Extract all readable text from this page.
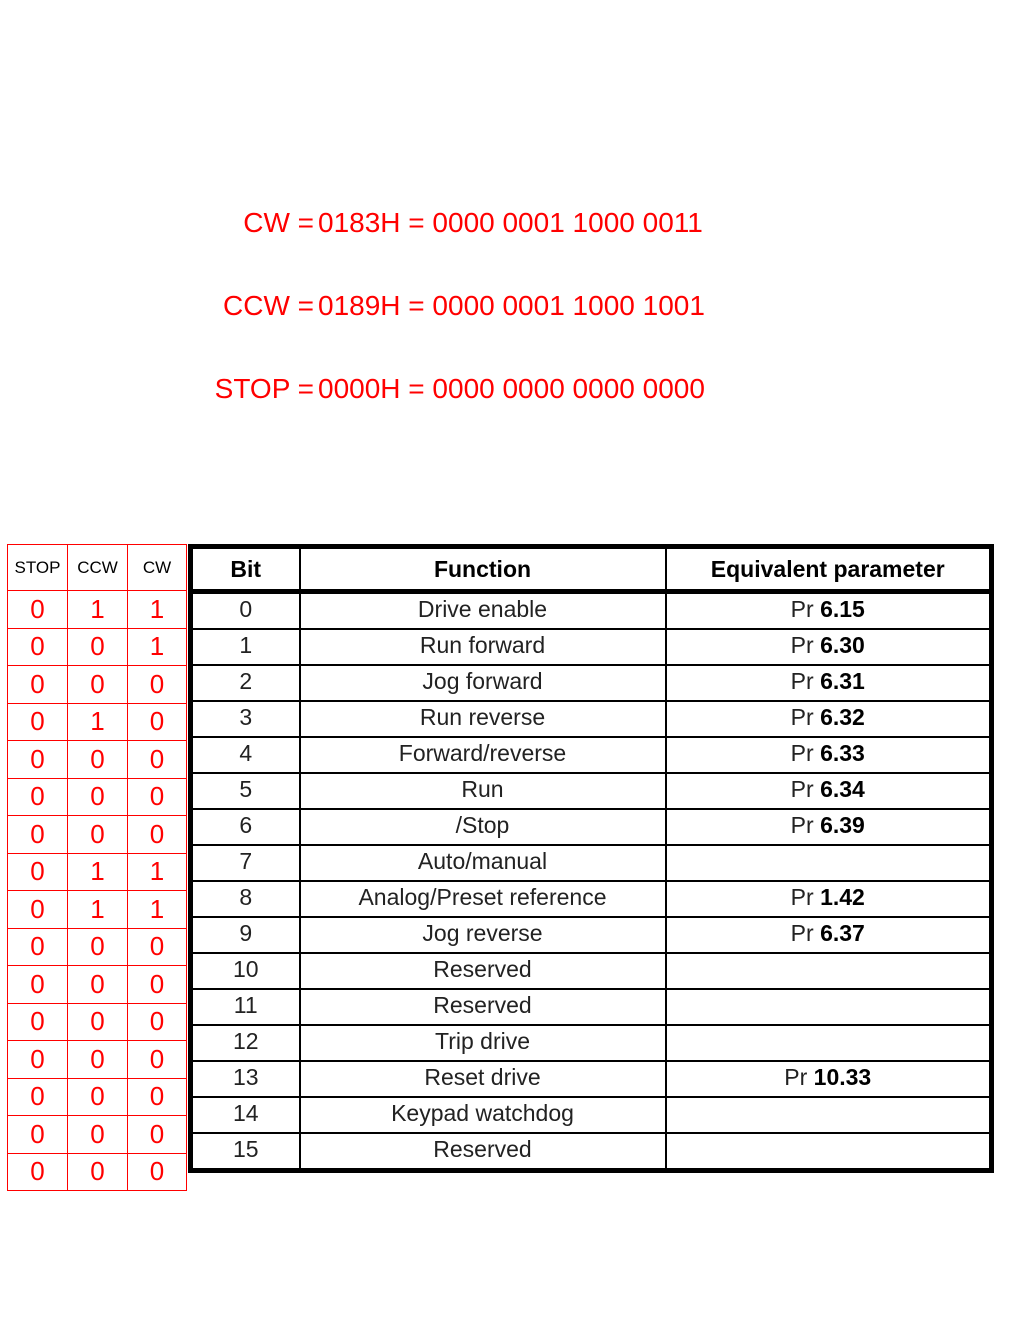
CW = 0183H = 0000 0001 1000 0011
CCW = 0189H = 0000 0001 1000 1001
STOP = 0000H = 0000 0000 0000 0000
STOP	CCW	CW
0	1	1
0	0	1
0	0	0
0	1	0
0	0	0
0	0	0
0	0	0
0	1	1
0	1	1
0	0	0
0	0	0
0	0	0
0	0	0
0	0	0
0	0	0
0	0	0
Bit	Function	Equivalent parameter
0	Drive enable	Pr 6.15
1	Run forward	Pr 6.30
2	Jog forward	Pr 6.31
3	Run reverse	Pr 6.32
4	Forward/reverse	Pr 6.33
5	Run	Pr 6.34
6	/Stop	Pr 6.39
7	Auto/manual	
8	Analog/Preset reference	Pr 1.42
9	Jog reverse	Pr 6.37
10	Reserved	
11	Reserved	
12	Trip drive	
13	Reset drive	Pr 10.33
14	Keypad watchdog	
15	Reserved	
